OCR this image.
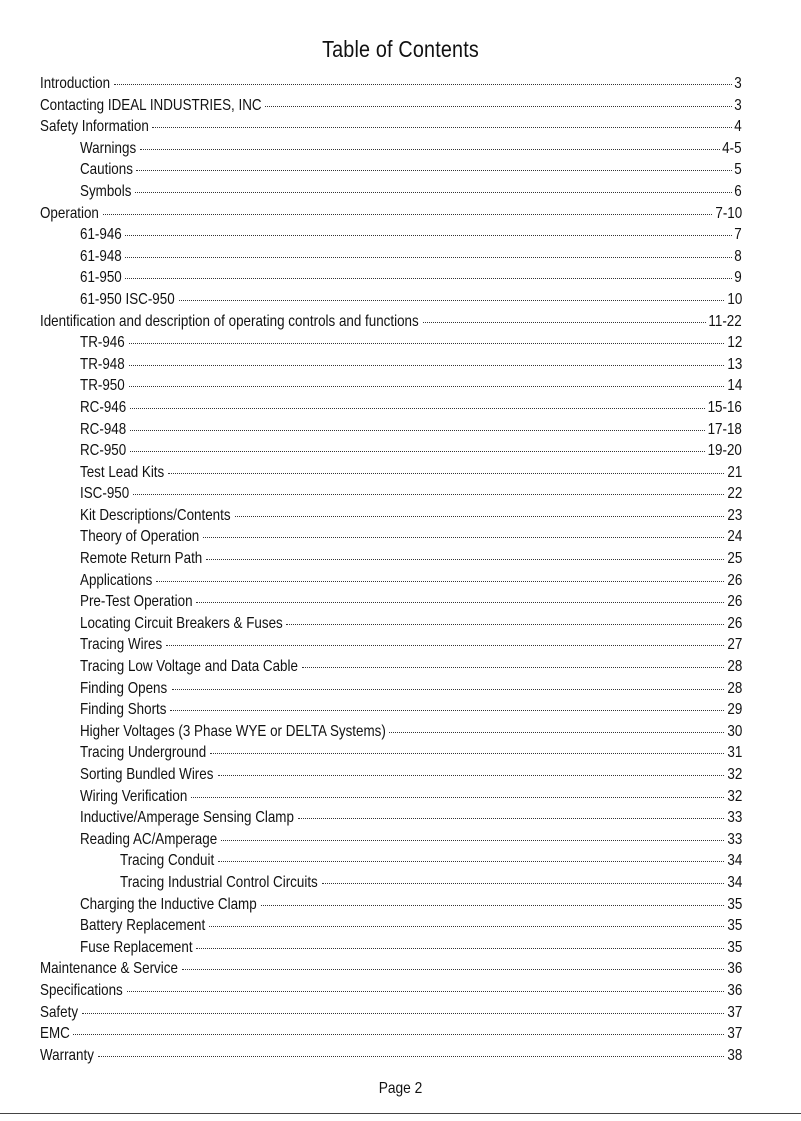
Table of Contents
Introduction	3
Contacting IDEAL INDUSTRIES, INC	3
Safety Information	4
Warnings	4-5
Cautions	5
Symbols	6
Operation	7-10
61-946	7
61-948	8
61-950	9
61-950 ISC-950	10
Identification and description of operating controls and functions	11-22
TR-946	12
TR-948	13
TR-950	14
RC-946	15-16
RC-948	17-18
RC-950	19-20
Test Lead Kits	21
ISC-950	22
Kit Descriptions/Contents	23
Theory of Operation	24
Remote Return Path	25
Applications	26
Pre-Test Operation	26
Locating Circuit Breakers & Fuses	26
Tracing Wires	27
Tracing Low Voltage and Data Cable	28
Finding Opens	28
Finding Shorts	29
Higher Voltages (3 Phase WYE or DELTA Systems)	30
Tracing Underground	31
Sorting Bundled Wires	32
Wiring Verification	32
Inductive/Amperage Sensing Clamp	33
Reading AC/Amperage	33
Tracing Conduit	34
Tracing Industrial Control Circuits	34
Charging the Inductive Clamp	35
Battery Replacement	35
Fuse Replacement	35
Maintenance & Service	36
Specifications	36
Safety	37
EMC	37
Warranty	38
Page 2
